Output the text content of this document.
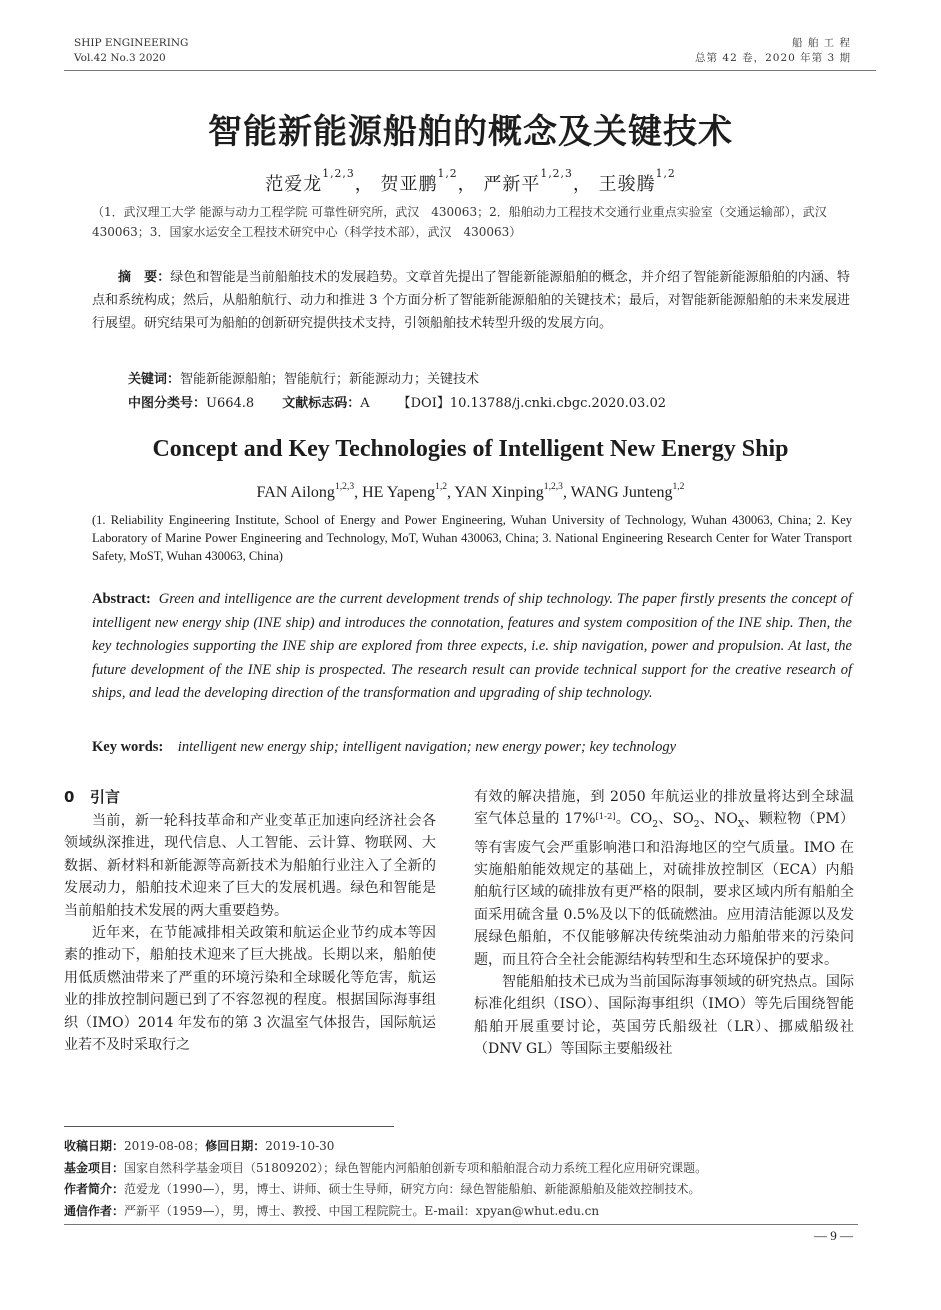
SHIP ENGINEERING
Vol.42 No.3 2020
船 舶 工 程
总第 42 卷，2020 年第 3 期
智能新能源船舶的概念及关键技术
范爱龙$^{1,2,3}$， 贺亚鹏$^{1,2}$， 严新平$^{1,2,3}$， 王骏腾$^{1,2}$
（1．武汉理工大学 能源与动力工程学院 可靠性研究所，武汉　430063；2．船舶动力工程技术交通行业重点实验室（交通运输部），武汉　430063；3．国家水运安全工程技术研究中心（科学技术部），武汉　430063）
摘　要：绿色和智能是当前船舶技术的发展趋势。文章首先提出了智能新能源船舶的概念，并介绍了智能新能源船舶的内涵、特点和系统构成；然后，从船舶航行、动力和推进 3 个方面分析了智能新能源船舶的关键技术；最后，对智能新能源船舶的未来发展进行展望。研究结果可为船舶的创新研究提供技术支持，引领船舶技术转型升级的发展方向。
关键词：智能新能源船舶；智能航行；新能源动力；关键技术
中图分类号：U664.8 文献标志码：A 【DOI】10.13788/j.cnki.cbgc.2020.03.02
Concept and Key Technologies of Intelligent New Energy Ship
FAN Ailong$^{1,2,3}$, HE Yapeng$^{1,2}$, YAN Xinping$^{1,2,3}$, WANG Junteng$^{1,2}$
(1. Reliability Engineering Institute, School of Energy and Power Engineering, Wuhan University of Technology, Wuhan 430063, China; 2. Key Laboratory of Marine Power Engineering and Technology, MoT, Wuhan 430063, China; 3. National Engineering Research Center for Water Transport Safety, MoST, Wuhan 430063, China)
Abstract: Green and intelligence are the current development trends of ship technology. The paper firstly presents the concept of intelligent new energy ship (INE ship) and introduces the connotation, features and system composition of the INE ship. Then, the key technologies supporting the INE ship are explored from three expects, i.e. ship navigation, power and propulsion. At last, the future development of the INE ship is prospected. The research result can provide technical support for the creative research of ships, and lead the developing direction of the transformation and upgrading of ship technology.
Key words: intelligent new energy ship; intelligent navigation; new energy power; key technology
0 引言

当前，新一轮科技革命和产业变革正加速向经济社会各领域纵深推进，现代信息、人工智能、云计算、物联网、大数据、新材料和新能源等高新技术为船舶行业注入了全新的发展动力，船舶技术迎来了巨大的发展机遇。绿色和智能是当前船舶技术发展的两大重要趋势。

近年来，在节能减排相关政策和航运企业节约成本等因素的推动下，船舶技术迎来了巨大挑战。长期以来，船舶使用低质燃油带来了严重的环境污染和全球暖化等危害，航运业的排放控制问题已到了不容忽视的程度。根据国际海事组织（IMO）2014 年发布的第 3 次温室气体报告，国际航运业若不及时采取行之

有效的解决措施，到 2050 年航运业的排放量将达到全球温室气体总量的 17%[1-2]。$CO_2$、$SO_2$、$NO_X$、颗粒物（PM）等有害废气会严重影响港口和沿海地区的空气质量。IMO 在实施船舶能效规定的基础上，对硫排放控制区（ECA）内船舶航行区域的硫排放有更严格的限制，要求区域内所有船舶全面采用硫含量 0.5%及以下的低硫燃油。应用清洁能源以及发展绿色船舶，不仅能够解决传统柴油动力船舶带来的污染问题，而且符合全社会能源结构转型和生态环境保护的要求。

智能船舶技术已成为当前国际海事领域的研究热点。国际标准化组织（ISO）、国际海事组织（IMO）等先后围绕智能船舶开展重要讨论，英国劳氏船级社（LR）、挪威船级社（DNV GL）等国际主要船级社

收稿日期：2019-08-08；修回日期：2019-10-30
基金项目：国家自然科学基金项目（51809202）；绿色智能内河船舶创新专项和船舶混合动力系统工程化应用研究课题。
作者简介：范爱龙（1990—），男，博士、讲师、硕士生导师，研究方向：绿色智能船舶、新能源船舶及能效控制技术。
通信作者：严新平（1959—），男，博士、教授、中国工程院院士。E-mail：xpyan@whut.edu.cn
— 9 —
